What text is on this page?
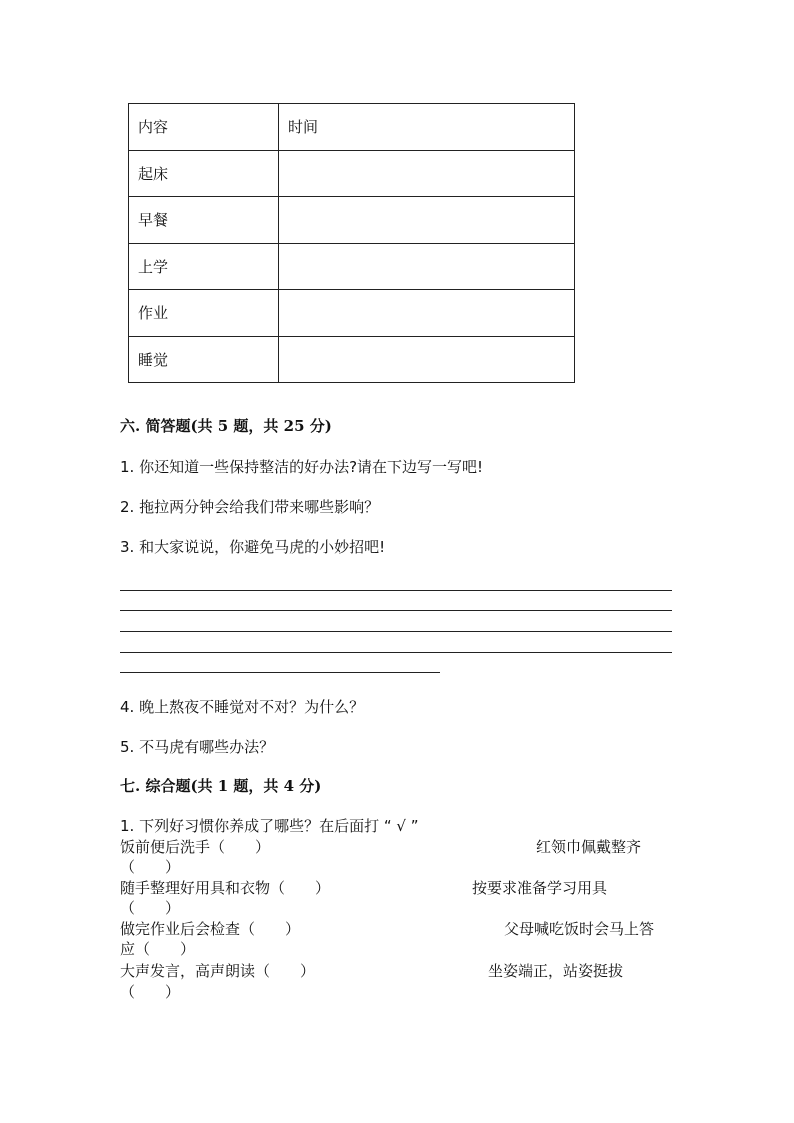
内容	时间
起床	
早餐	
上学	
作业	
睡觉	
六. 简答题(共 5 题，共 25 分)
1. 你还知道一些保持整洁的好办法?请在下边写一写吧!
2. 拖拉两分钟会给我们带来哪些影响？
3. 和大家说说，你避免马虎的小妙招吧!
4. 晚上熬夜不睡觉对不对？为什么？
5. 不马虎有哪些办法？
七. 综合题(共 1 题，共 4 分)
1. 下列好习惯你养成了哪些？在后面打 “ √ ”
饭前便后洗手（　　）	红领巾佩戴整齐
（　　）
随手整理好用具和衣物（　　）	按要求准备学习用具
（　　）
做完作业后会检查（　　）	父母喊吃饭时会马上答
应（　　）
大声发言，高声朗读（　　）	坐姿端正，站姿挺拔
（　　）
